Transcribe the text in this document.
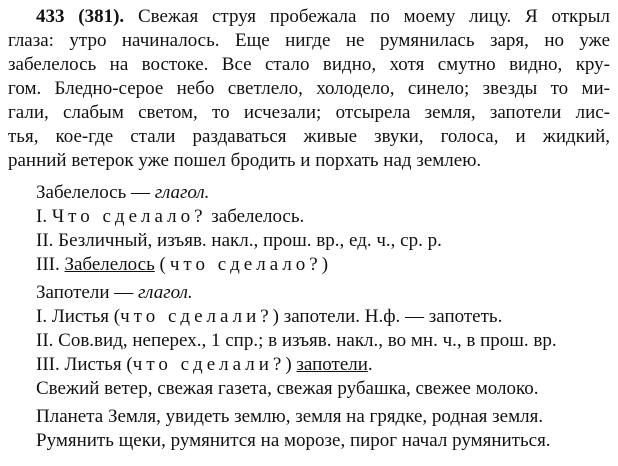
433 (381). Свежая струя пробежала по моему лицу. Я открыл
глаза: утро начиналось. Еще нигде не румянилась заря, но уже
забелелось на востоке. Все стало видно, хотя смутно видно, кру-
гом. Бледно-серое небо светлело, холодело, синело; звезды то ми-
гали, слабым светом, то исчезали; отсырела земля, запотели лис-
тья, кое-где стали раздаваться живые звуки, голоса, и жидкий,
ранний ветерок уже пошел бродить и порхать над землею.
Забелелось — глагол.
I. Что сделало? забелелось.
II. Безличный, изъяв. накл., прош. вр., ед. ч., ср. р.
III. Забелелось (что сделало?)
Запотели — глагол.
I. Листья (что сделали?) запотели. Н.ф. — запотеть.
II. Сов.вид, неперех., 1 спр.; в изъяв. накл., во мн. ч., в прош. вр.
III. Листья (что сделали?) запотели.
Свежий ветер, свежая газета, свежая рубашка, свежее молоко.
Планета Земля, увидеть землю, земля на грядке, родная земля.
Румянить щеки, румянится на морозе, пирог начал румяниться.
